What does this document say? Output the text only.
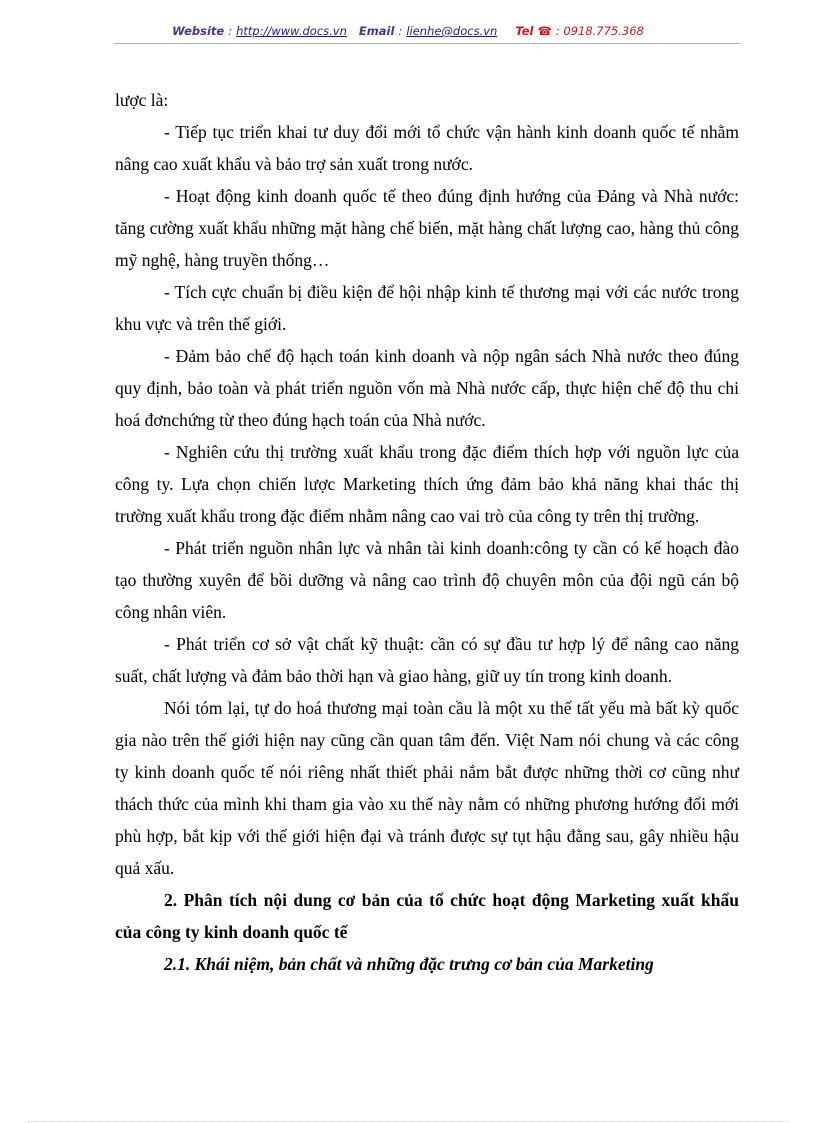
Website : http://www.docs.vn Email : lienhe@docs.vn Tel ☎ : 0918.775.368

lược là:

- Tiếp tục triển khai tư duy đổi mới tổ chức vận hành kinh doanh quốc tế nhằm nâng cao xuất khẩu và bảo trợ sản xuất trong nước.

- Hoạt động kinh doanh quốc tế theo đúng định hướng của Đảng và Nhà nước: tăng cường xuất khẩu những mặt hàng chế biến, mặt hàng chất lượng cao, hàng thủ công mỹ nghệ, hàng truyền thống…

- Tích cực chuẩn bị điều kiện để hội nhập kinh tế thương mại với các nước trong khu vực và trên thế giới.

- Đảm bảo chế độ hạch toán kinh doanh và nộp ngân sách Nhà nước theo đúng quy định, bảo toàn và phát triển nguồn vốn mà Nhà nước cấp, thực hiện chế độ thu chi hoá đơnchứng từ theo đúng hạch toán của Nhà nước.

- Nghiên cứu thị trường xuất khẩu trong đặc điểm thích hợp với nguồn lực của công ty. Lựa chọn chiến lược Marketing thích ứng đảm bảo khả năng khai thác thị trường xuất khẩu trong đặc điểm nhằm nâng cao vai trò của công ty trên thị trường.

- Phát triển nguồn nhân lực và nhân tài kinh doanh:công ty cần có kế hoạch đào tạo thường xuyên để bồi dưỡng và nâng cao trình độ chuyên môn của đội ngũ cán bộ công nhân viên.

- Phát triển cơ sở vật chất kỹ thuật: cần có sự đầu tư hợp lý để nâng cao năng suất, chất lượng và đảm bảo thời hạn và giao hàng, giữ uy tín trong kinh doanh.

Nói tóm lại, tự do hoá thương mại toàn cầu là một xu thế tất yếu mà bất kỳ quốc gia nào trên thế giới hiện nay cũng cần quan tâm đến. Việt Nam nói chung và các công ty kinh doanh quốc tế nói riêng nhất thiết phải nắm bắt được những thời cơ cũng như thách thức của mình khi tham gia vào xu thế này nằm có những phương hướng đổi mới phù hợp, bắt kịp với thế giới hiện đại và tránh được sự tụt hậu đằng sau, gây nhiều hậu quả xấu.

2. Phân tích nội dung cơ bản của tổ chức hoạt động Marketing xuất khẩu của công ty kinh doanh quốc tế

2.1. Khái niệm, bản chất và những đặc trưng cơ bản của Marketing
